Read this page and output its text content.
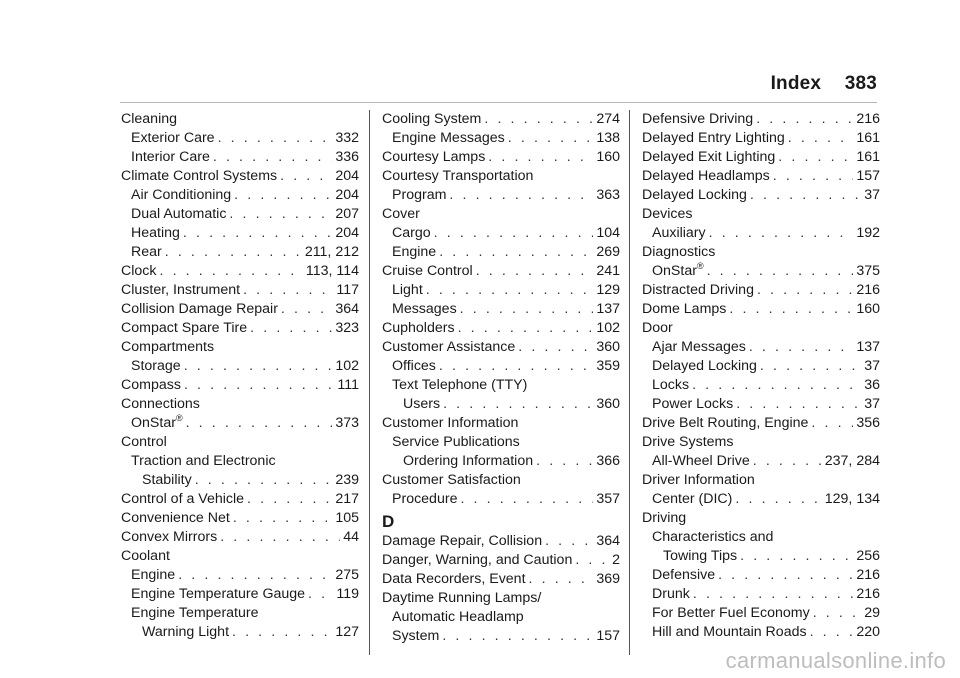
Index 383
Cleaning
Exterior Care . . .	332
Interior Care . . .	336
Climate Control Systems . . .	204
Air Conditioning . . .	204
Dual Automatic . . .	207
Heating . . .	204
Rear . . .	211, 212
Clock . . .	113, 114
Cluster, Instrument . . .	117
Collision Damage Repair . . .	364
Compact Spare Tire . . .	323
Compartments
Storage . . .	102
Compass . . .	111
Connections
OnStar® . . .	373
Control
Traction and Electronic
Stability . . .	239
Control of a Vehicle . . .	217
Convenience Net . . .	105
Convex Mirrors . . .	44
Coolant
Engine . . .	275
Engine Temperature Gauge . . . 119
Engine Temperature
Warning Light . . .	127
Cooling System . . .	274
Engine Messages . . .	138
Courtesy Lamps . . .	160
Courtesy Transportation
Program . . .	363
Cover
Cargo . . .	104
Engine . . .	269
Cruise Control . . .	241
Light . . .	129
Messages . . .	137
Cupholders . . .	102
Customer Assistance . . .	360
Offices . . .	359
Text Telephone (TTY)
Users . . .	360
Customer Information
Service Publications
Ordering Information . . .	366
Customer Satisfaction
Procedure . . .	357
D
Damage Repair, Collision . . .	364
Danger, Warning, and Caution . . .	2
Data Recorders, Event . . .	369
Daytime Running Lamps/
Automatic Headlamp
System . . .	157
Defensive Driving . . .	216
Delayed Entry Lighting . . .	161
Delayed Exit Lighting . . .	161
Delayed Headlamps . . .	157
Delayed Locking . . .	37
Devices
Auxiliary . . .	192
Diagnostics
OnStar® . . .	375
Distracted Driving . . .	216
Dome Lamps . . .	160
Door
Ajar Messages . . .	137
Delayed Locking . . .	37
Locks . . .	36
Power Locks . . .	37
Drive Belt Routing, Engine . . .	356
Drive Systems
All-Wheel Drive . . .	237, 284
Driver Information
Center (DIC) . . .	129, 134
Driving
Characteristics and
Towing Tips . . .	256
Defensive . . .	216
Drunk . . .	216
For Better Fuel Economy . . .	29
Hill and Mountain Roads . . .	220
carmanualsonline.info
